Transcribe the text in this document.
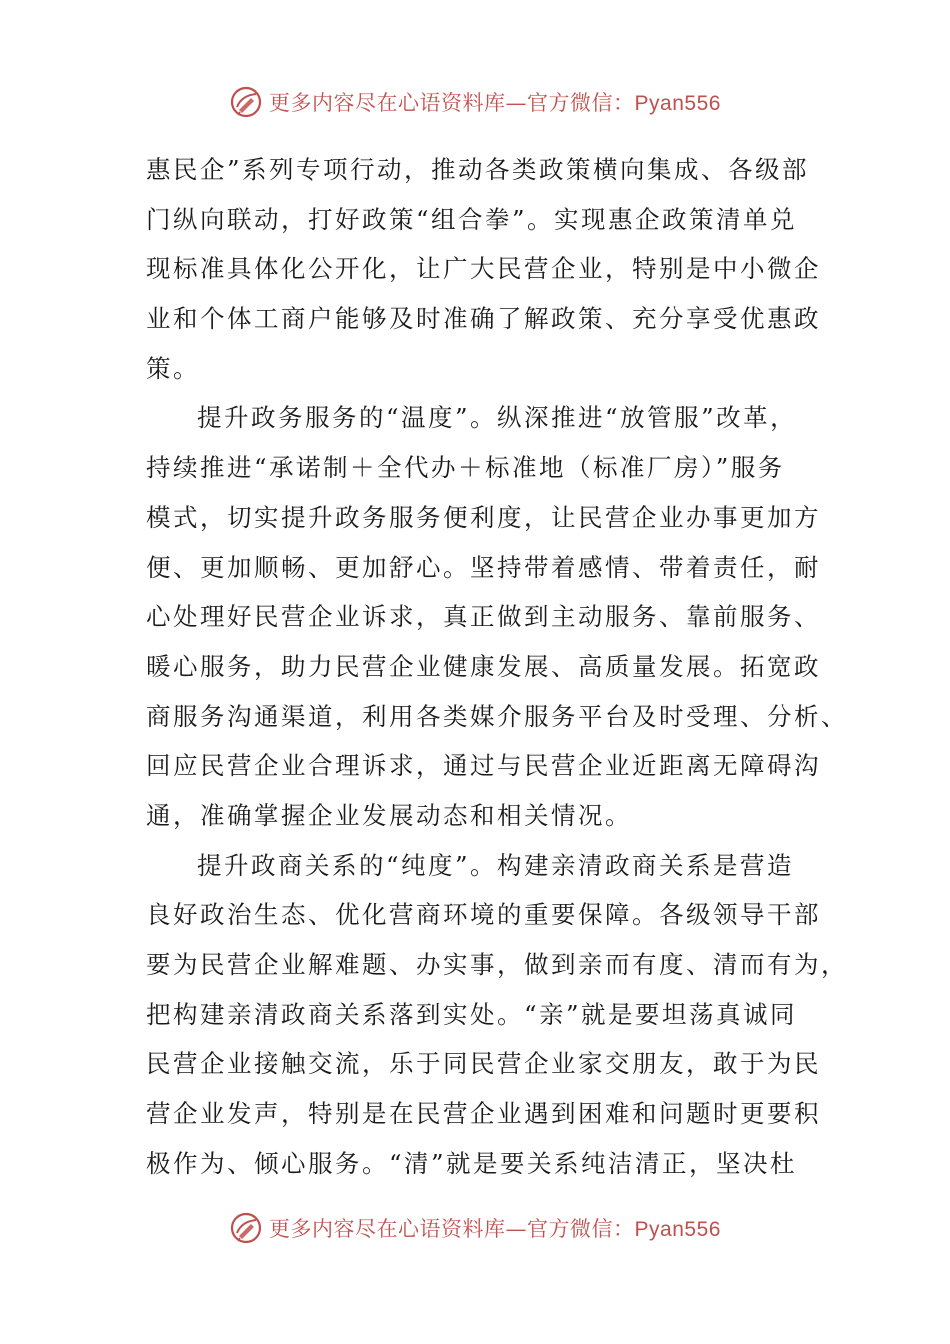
更多内容尽在心语资料库—官方微信：Pyan556
惠民企”系列专项行动，推动各类政策横向集成、各级部
门纵向联动，打好政策“组合拳”。实现惠企政策清单兑
现标准具体化公开化，让广大民营企业，特别是中小微企
业和个体工商户能够及时准确了解政策、充分享受优惠政
策。
提升政务服务的“温度”。纵深推进“放管服”改革，
持续推进“承诺制＋全代办＋标准地（标准厂房）”服务
模式，切实提升政务服务便利度，让民营企业办事更加方
便、更加顺畅、更加舒心。坚持带着感情、带着责任，耐
心处理好民营企业诉求，真正做到主动服务、靠前服务、
暖心服务，助力民营企业健康发展、高质量发展。拓宽政
商服务沟通渠道，利用各类媒介服务平台及时受理、分析、
回应民营企业合理诉求，通过与民营企业近距离无障碍沟
通，准确掌握企业发展动态和相关情况。
提升政商关系的“纯度”。构建亲清政商关系是营造
良好政治生态、优化营商环境的重要保障。各级领导干部
要为民营企业解难题、办实事，做到亲而有度、清而有为，
把构建亲清政商关系落到实处。“亲”就是要坦荡真诚同
民营企业接触交流，乐于同民营企业家交朋友，敢于为民
营企业发声，特别是在民营企业遇到困难和问题时更要积
极作为、倾心服务。“清”就是要关系纯洁清正，坚决杜
更多内容尽在心语资料库—官方微信：Pyan556
